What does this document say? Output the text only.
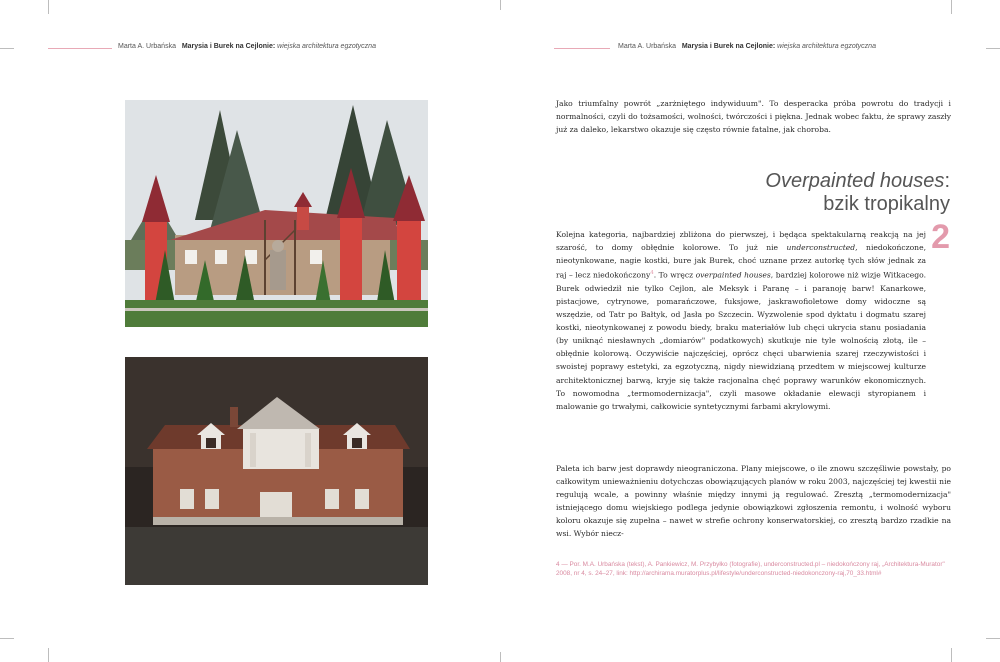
Marta A. Urbańska Marysia i Burek na Cejlonie: wiejska architektura egzotyczna	Marta A. Urbańska Marysia i Burek na Cejlonie: wiejska architektura egzotyczna

Jako triumfalny powrót „zarżniętego indywiduum". To desperacka próba powrotu do tradycji i normalności, czyli do tożsamości, wolności, twórczości i piękna. Jednak wobec faktu, że sprawy zaszły już za daleko, lekarstwo okazuje się często równie fatalne, jak choroba.

Overpainted houses:
bzik tropikalny
2

Kolejna kategoria, najbardziej zbliżona do pierwszej, i będąca spektakularną reakcją na jej szarość, to domy obłędnie kolorowe. To już nie underconstructed, niedokończone, nieotynkowane, nagie kostki, bure jak Burek, choć uznane przez autorkę tych słów jednak za raj – lecz niedokończony$^4$. To wręcz overpainted houses, bardziej kolorowe niż wizje Witkacego. Burek odwiedził nie tylko Cejlon, ale Meksyk i Paranę – i paranoję barw! Kanarkowe, pistacjowe, cytrynowe, pomarańczowe, fuksjowe, jaskrawofioletowe domy widoczne są wszędzie, od Tatr po Bałtyk, od Jasła po Szczecin. Wyzwolenie spod dyktatu i dogmatu szarej kostki, nieotynkowanej z powodu biedy, braku materiałów lub chęci ukrycia stanu posiadania (by uniknąć niesławnych „domiarów" podatkowych) skutkuje nie tyle wolnością złotą, ile – obłędnie kolorową. Oczywiście najczęściej, oprócz chęci ubarwienia szarej rzeczywistości i swoistej poprawy estetyki, za egzotyczną, nigdy niewidzianą przedtem w miejscowej kulturze architektonicznej barwą, kryje się także racjonalna chęć poprawy warunków ekonomicznych. To nowomodna „termomodernizacja", czyli masowe okładanie elewacji styropianem i malowanie go trwałymi, całkowicie syntetycznymi farbami akrylowymi.

Paleta ich barw jest doprawdy nieograniczona. Plany miejscowe, o ile znowu szczęśliwie powstały, po całkowitym unieważnieniu dotychczas obowiązujących planów w roku 2003, najczęściej tej kwestii nie regulują wcale, a powinny właśnie między innymi ją regulować. Zresztą „termomodernizacja" istniejącego domu wiejskiego podlega jedynie obowiązkowi zgłoszenia remontu, i wolność wyboru koloru okazuje się zupełna – nawet w strefie ochrony konserwatorskiej, co zresztą bardzo rzadkie na wsi. Wybór niecz-

4 — Por. M.A. Urbańska (tekst), A. Pankiewicz, M. Przybyłko (fotografie), underconstructed.pl – niedokończony raj, „Architektura-Murator" 2008, nr 4, s. 24–27, link: http://archirama.muratorplus.pl/lifestyle/underconstructed-niedokonczony-raj,70_33.html#
